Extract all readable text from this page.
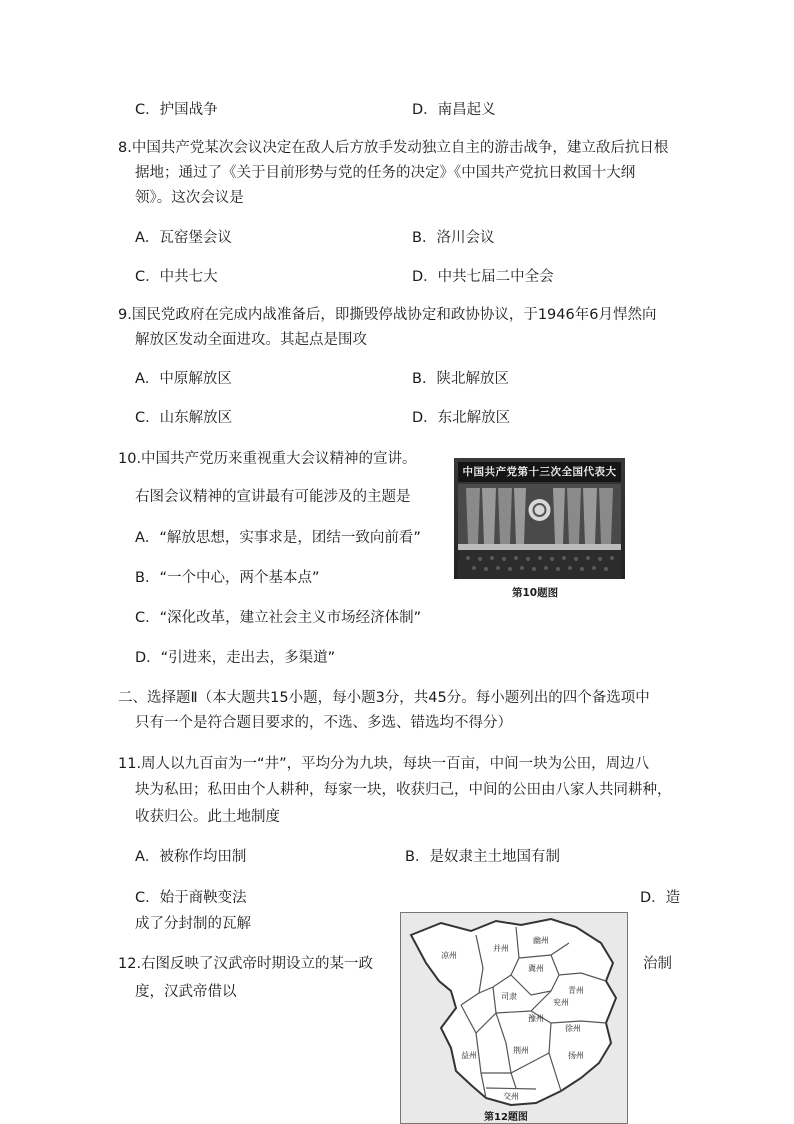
C．护国战争	D．南昌起义
8.中国共产党某次会议决定在敌人后方放手发动独立自主的游击战争，建立敌后抗日根
据地；通过了《关于目前形势与党的任务的决定》《中国共产党抗日救国十大纲
领》。这次会议是
A．瓦窑堡会议	B．洛川会议
C．中共七大	D．中共七届二中全会
9.国民党政府在完成内战准备后，即撕毁停战协定和政协协议，于1946年6月悍然向
解放区发动全面进攻。其起点是围攻
A．中原解放区	B．陕北解放区
C．山东解放区	D．东北解放区
10.中国共产党历来重视重大会议精神的宣讲。
右图会议精神的宣讲最有可能涉及的主题是
A．“解放思想，实事求是，团结一致向前看”
B．“一个中心，两个基本点”
C．“深化改革，建立社会主义市场经济体制”
D．“引进来，走出去，多渠道”
中国共产党第十三次全国代表大
第10题图
二、选择题Ⅱ（本大题共15小题，每小题3分，共45分。每小题列出的四个备选项中
只有一个是符合题目要求的，不选、多选、错选均不得分）
11.周人以九百亩为一“井”，平均分为九块，每块一百亩，中间一块为公田，周边八
块为私田；私田由个人耕种，每家一块，收获归己，中间的公田由八家人共同耕种，
收获归公。此土地制度
A．被称作均田制	B．是奴隶主土地国有制
C．始于商鞅变法	D．造
成了分封制的瓦解
12.右图反映了汉武帝时期设立的某一政	治制
度，汉武帝借以
并州
幽州
冀州
青州
凉州
兖州
司隶
豫州
徐州
益州
荆州
扬州
交州
第12题图
